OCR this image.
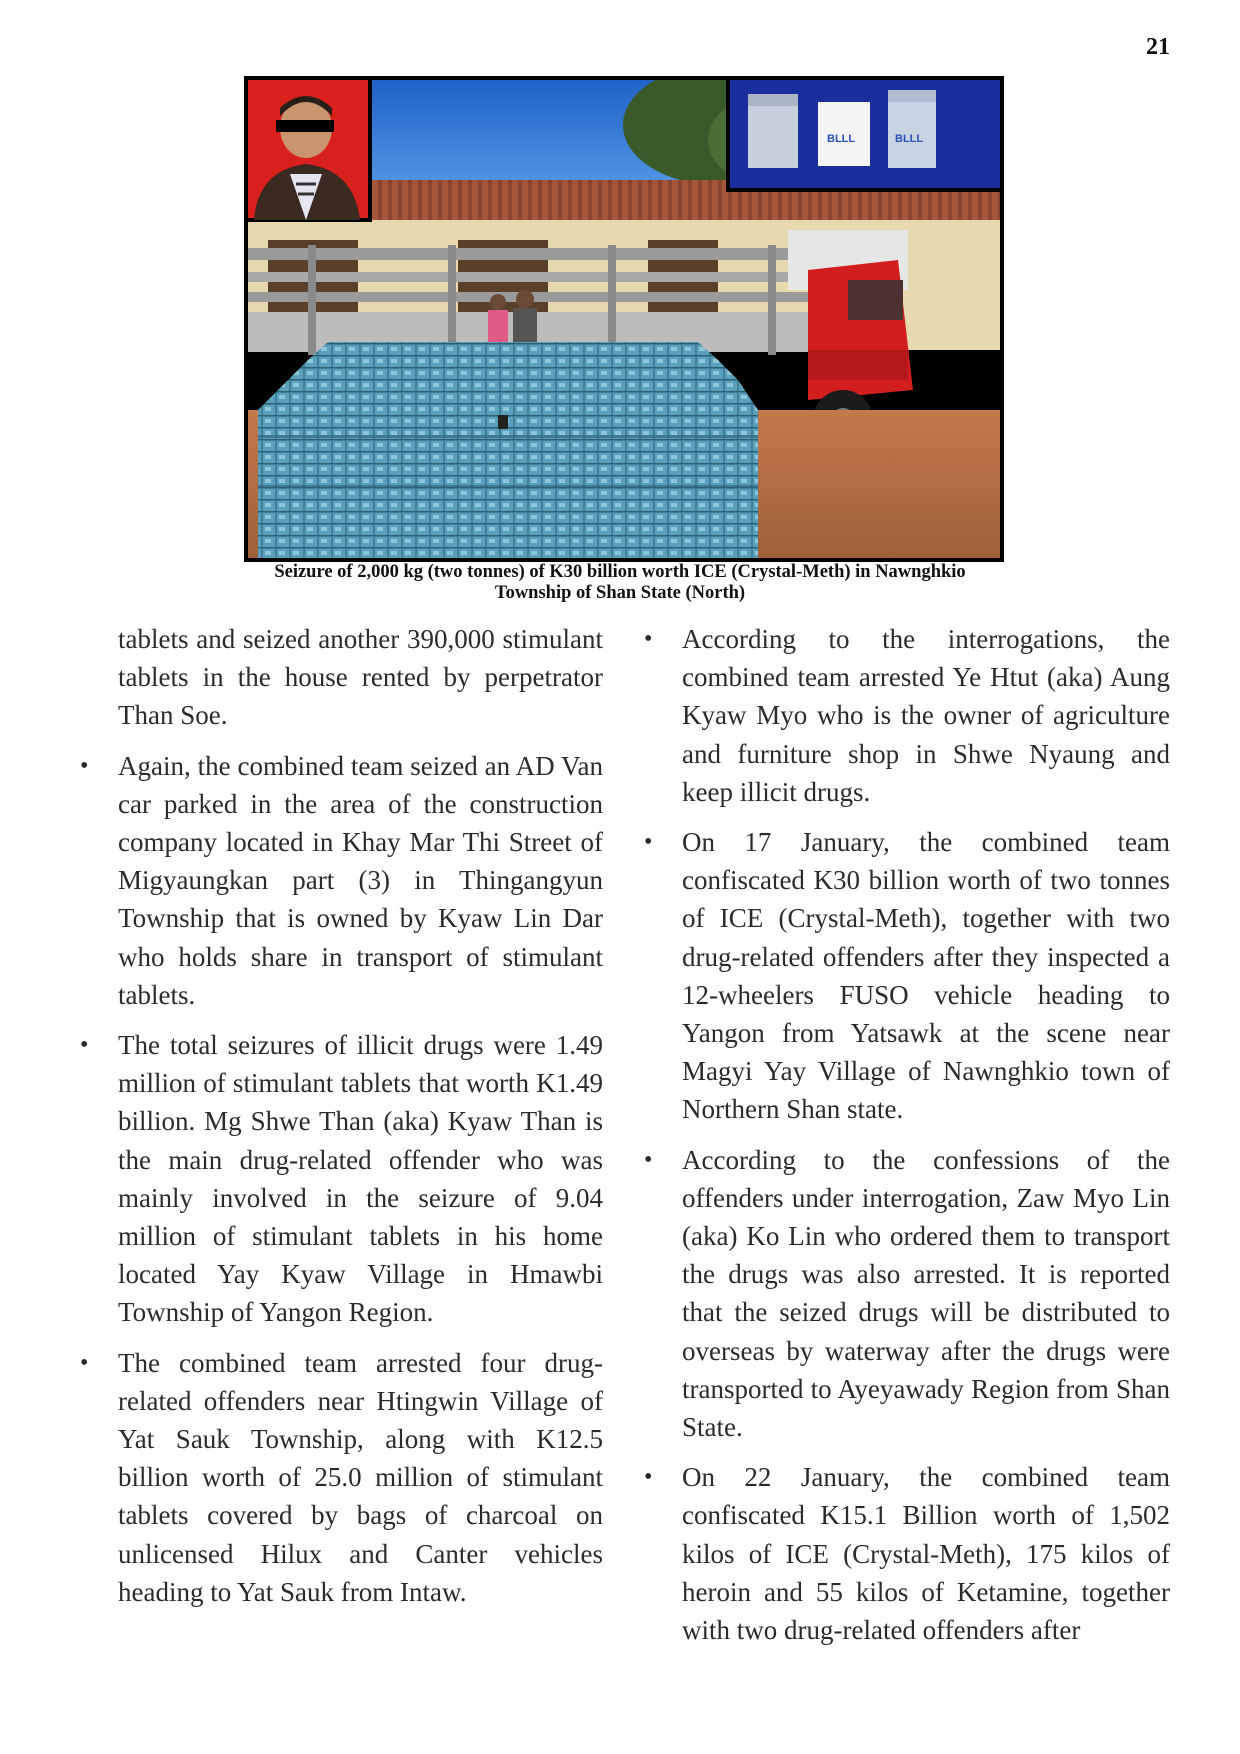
21
BLLL	BLLL
Seizure of 2,000 kg (two tonnes) of K30 billion worth ICE (Crystal-Meth) in Nawnghkio
Township of Shan State (North)

tablets and seized another 390,000 stimulant tablets in the house rented by perpetrator Than Soe.

• Again, the combined team seized an AD Van car parked in the area of the construction company located in Khay Mar Thi Street of Migyaungkan part (3) in Thingangyun Township that is owned by Kyaw Lin Dar who holds share in transport of stimulant tablets.

• The total seizures of illicit drugs were 1.49 million of stimulant tablets that worth K1.49 billion. Mg Shwe Than (aka) Kyaw Than is the main drug-related offender who was mainly involved in the seizure of 9.04 million of stimulant tablets in his home located Yay Kyaw Village in Hmawbi Township of Yangon Region.

• The combined team arrested four drug-related offenders near Htingwin Village of Yat Sauk Township, along with K12.5 billion worth of 25.0 million of stimulant tablets covered by bags of charcoal on unlicensed Hilux and Canter vehicles heading to Yat Sauk from Intaw.

• According to the interrogations, the combined team arrested Ye Htut (aka) Aung Kyaw Myo who is the owner of agriculture and furniture shop in Shwe Nyaung and keep illicit drugs.

• On 17 January, the combined team confiscated K30 billion worth of two tonnes of ICE (Crystal-Meth), together with two drug-related offenders after they inspected a 12-wheelers FUSO vehicle heading to Yangon from Yatsawk at the scene near Magyi Yay Village of Nawnghkio town of Northern Shan state.

• According to the confessions of the offenders under interrogation, Zaw Myo Lin (aka) Ko Lin who ordered them to transport the drugs was also arrested. It is reported that the seized drugs will be distributed to overseas by waterway after the drugs were transported to Ayeyawady Region from Shan State.

• On 22 January, the combined team confiscated K15.1 Billion worth of 1,502 kilos of ICE (Crystal-Meth), 175 kilos of heroin and 55 kilos of Ketamine, together with two drug-related offenders after
